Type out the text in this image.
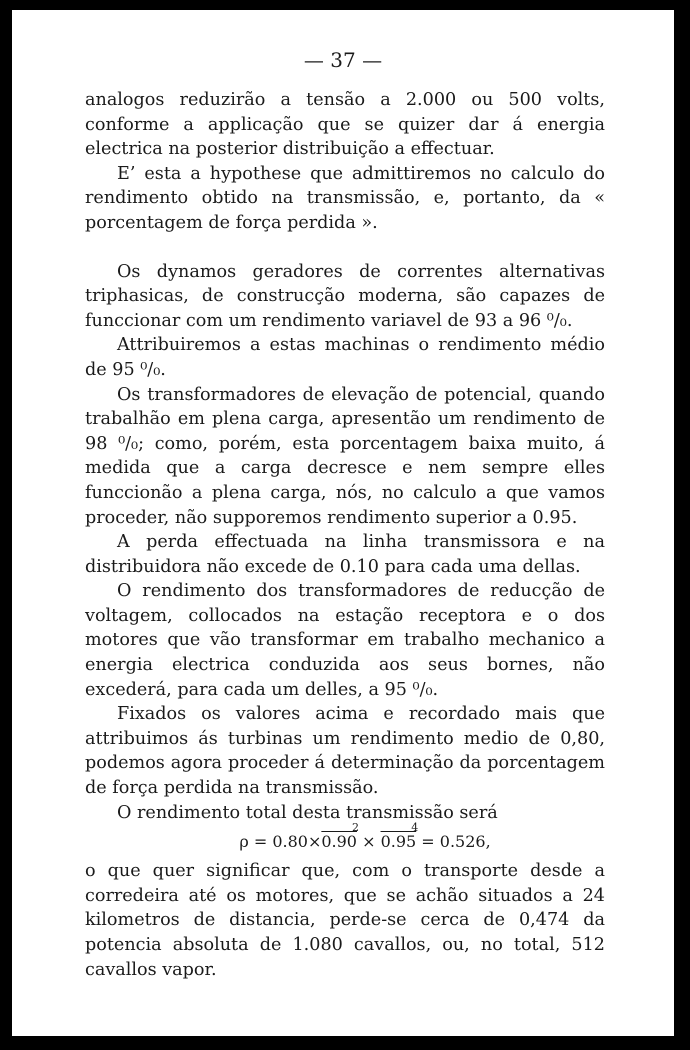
— 37 —

analogos reduzirão a tensão a 2.000 ou 500 volts, conforme a applicação que se quizer dar á energia electrica na posterior distribuição a effectuar.

E’ esta a hypothese que admittiremos no calculo do rendimento obtido na transmissão, e, portanto, da « porcentagem de força perdida ».

Os dynamos geradores de correntes alternativas triphasicas, de construcção moderna, são capazes de funccionar com um rendimento variavel de 93 a 96 ⁰/₀.

Attribuiremos a estas machinas o rendimento médio de 95 ⁰/₀.

Os transformadores de elevação de potencial, quando trabalhão em plena carga, apresentão um rendimento de 98 ⁰/₀; como, porém, esta porcentagem baixa muito, á medida que a carga decresce e nem sempre elles funccionão a plena carga, nós, no calculo a que vamos proceder, não supporemos rendimento superior a 0.95.

A perda effectuada na linha transmissora e na distribuidora não excede de 0.10 para cada uma dellas.

O rendimento dos transformadores de reducção de voltagem, collocados na estação receptora e o dos motores que vão transformar em trabalho mechanico a energia electrica conduzida aos seus bornes, não excederá, para cada um delles, a 95 ⁰/₀.

Fixados os valores acima e recordado mais que attribuimos ás turbinas um rendimento medio de 0,80, podemos agora proceder á determinação da porcentagem de força perdida na transmissão.

O rendimento total desta transmissão será

ρ = 0.80×0.90
2
× 0.95
4
= 0.526,

o que quer significar que, com o transporte desde a corredeira até os motores, que se achão situados a 24 kilometros de distancia, perde-se cerca de 0,474 da potencia absoluta de 1.080 cavallos, ou, no total, 512 cavallos vapor.
